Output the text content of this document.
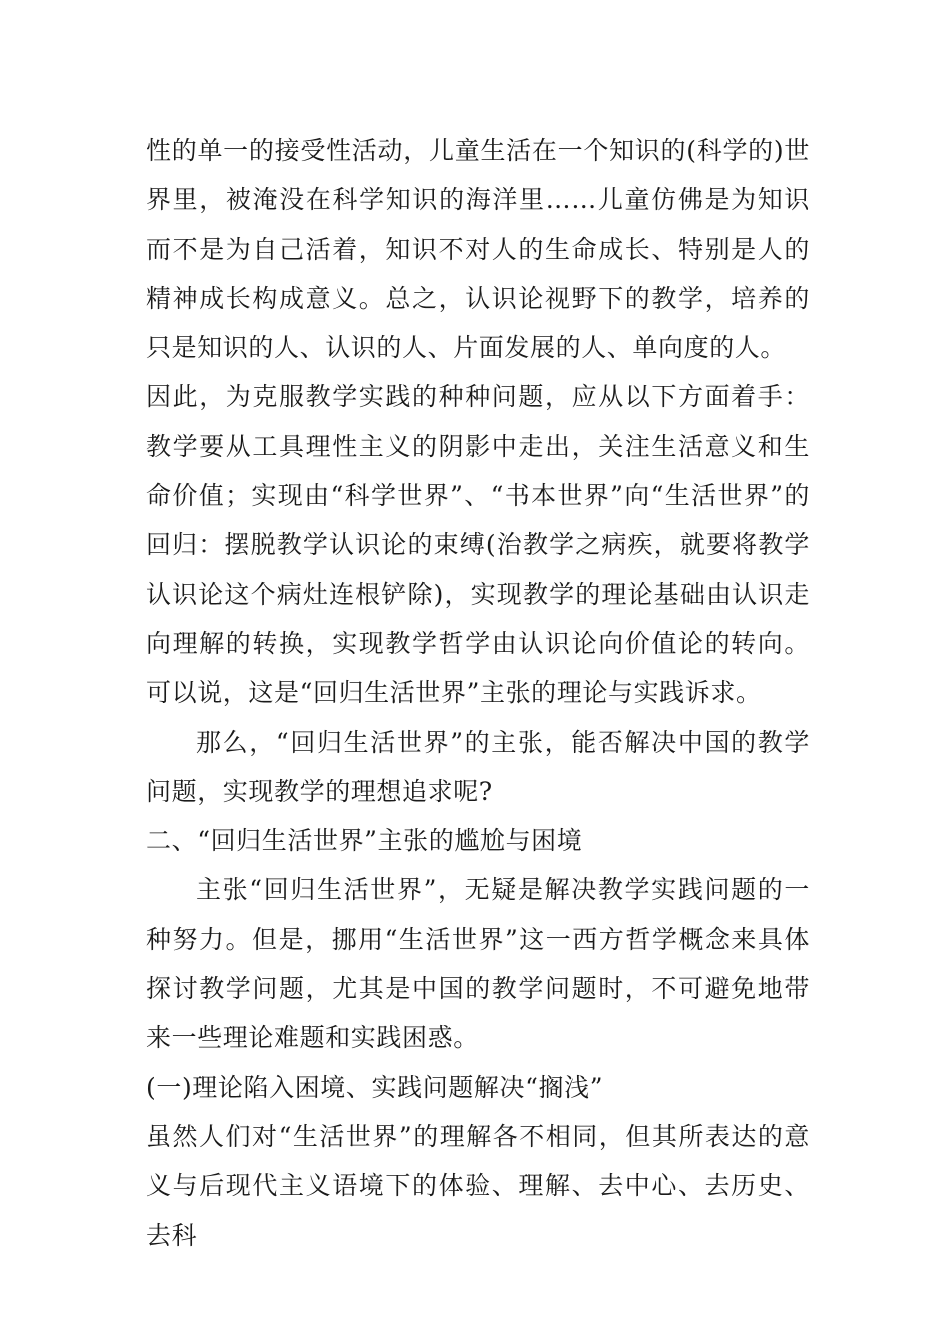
性的单一的接受性活动，儿童生活在一个知识的(科学的)世界里，被淹没在科学知识的海洋里……儿童仿佛是为知识而不是为自己活着，知识不对人的生命成长、特别是人的精神成长构成意义。总之，认识论视野下的教学，培养的只是知识的人、认识的人、片面发展的人、单向度的人。

因此，为克服教学实践的种种问题，应从以下方面着手：教学要从工具理性主义的阴影中走出，关注生活意义和生命价值；实现由“科学世界”、“书本世界”向“生活世界”的回归：摆脱教学认识论的束缚(治教学之病疾，就要将教学认识论这个病灶连根铲除)，实现教学的理论基础由认识走向理解的转换，实现教学哲学由认识论向价值论的转向。可以说，这是“回归生活世界”主张的理论与实践诉求。

那么，“回归生活世界”的主张，能否解决中国的教学问题，实现教学的理想追求呢?

二、“回归生活世界”主张的尴尬与困境

主张“回归生活世界”，无疑是解决教学实践问题的一种努力。但是，挪用“生活世界”这一西方哲学概念来具体探讨教学问题，尤其是中国的教学问题时，不可避免地带来一些理论难题和实践困惑。

(一)理论陷入困境、实践问题解决“搁浅”

虽然人们对“生活世界”的理解各不相同，但其所表达的意义与后现代主义语境下的体验、理解、去中心、去历史、去科
